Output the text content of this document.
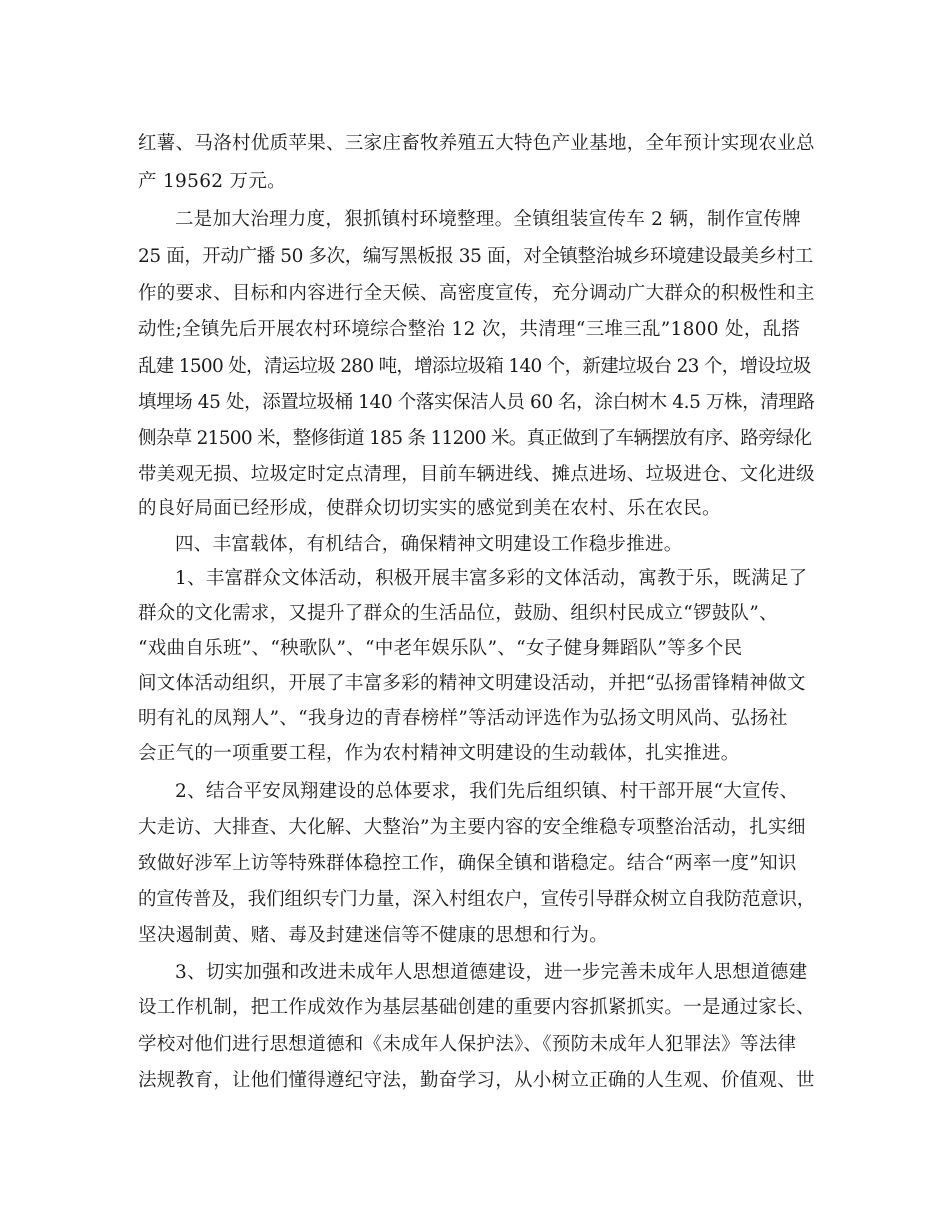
红薯、马洛村优质苹果、三家庄畜牧养殖五大特色产业基地，全年预计实现农业总
产 19562 万元。
二是加大治理力度，狠抓镇村环境整理。全镇组装宣传车 2 辆，制作宣传牌
25 面，开动广播 50 多次，编写黑板报 35 面，对全镇整治城乡环境建设最美乡村工
作的要求、目标和内容进行全天候、高密度宣传，充分调动广大群众的积极性和主
动性;全镇先后开展农村环境综合整治 12 次，共清理“三堆三乱”1800 处，乱搭
乱建 1500 处，清运垃圾 280 吨，增添垃圾箱 140 个，新建垃圾台 23 个，增设垃圾
填埋场 45 处，添置垃圾桶 140 个落实保洁人员 60 名，涂白树木 4.5 万株，清理路
侧杂草 21500 米，整修街道 185 条 11200 米。真正做到了车辆摆放有序、路旁绿化
带美观无损、垃圾定时定点清理，目前车辆进线、摊点进场、垃圾进仓、文化进级
的良好局面已经形成，使群众切切实实的感觉到美在农村、乐在农民。
四、丰富载体，有机结合，确保精神文明建设工作稳步推进。
1、丰富群众文体活动，积极开展丰富多彩的文体活动，寓教于乐，既满足了
群众的文化需求，又提升了群众的生活品位，鼓励、组织村民成立“锣鼓队”、
“戏曲自乐班”、“秧歌队”、“中老年娱乐队”、“女子健身舞蹈队”等多个民
间文体活动组织，开展了丰富多彩的精神文明建设活动，并把“弘扬雷锋精神做文
明有礼的凤翔人”、“我身边的青春榜样”等活动评选作为弘扬文明风尚、弘扬社
会正气的一项重要工程，作为农村精神文明建设的生动载体，扎实推进。
2、结合平安凤翔建设的总体要求，我们先后组织镇、村干部开展“大宣传、
大走访、大排查、大化解、大整治”为主要内容的安全维稳专项整治活动，扎实细
致做好涉军上访等特殊群体稳控工作，确保全镇和谐稳定。结合“两率一度”知识
的宣传普及，我们组织专门力量，深入村组农户，宣传引导群众树立自我防范意识，
坚决遏制黄、赌、毒及封建迷信等不健康的思想和行为。
3、切实加强和改进未成年人思想道德建设，进一步完善未成年人思想道德建
设工作机制，把工作成效作为基层基础创建的重要内容抓紧抓实。一是通过家长、
学校对他们进行思想道德和《未成年人保护法》、《预防未成年人犯罪法》等法律
法规教育，让他们懂得遵纪守法，勤奋学习，从小树立正确的人生观、价值观、世
